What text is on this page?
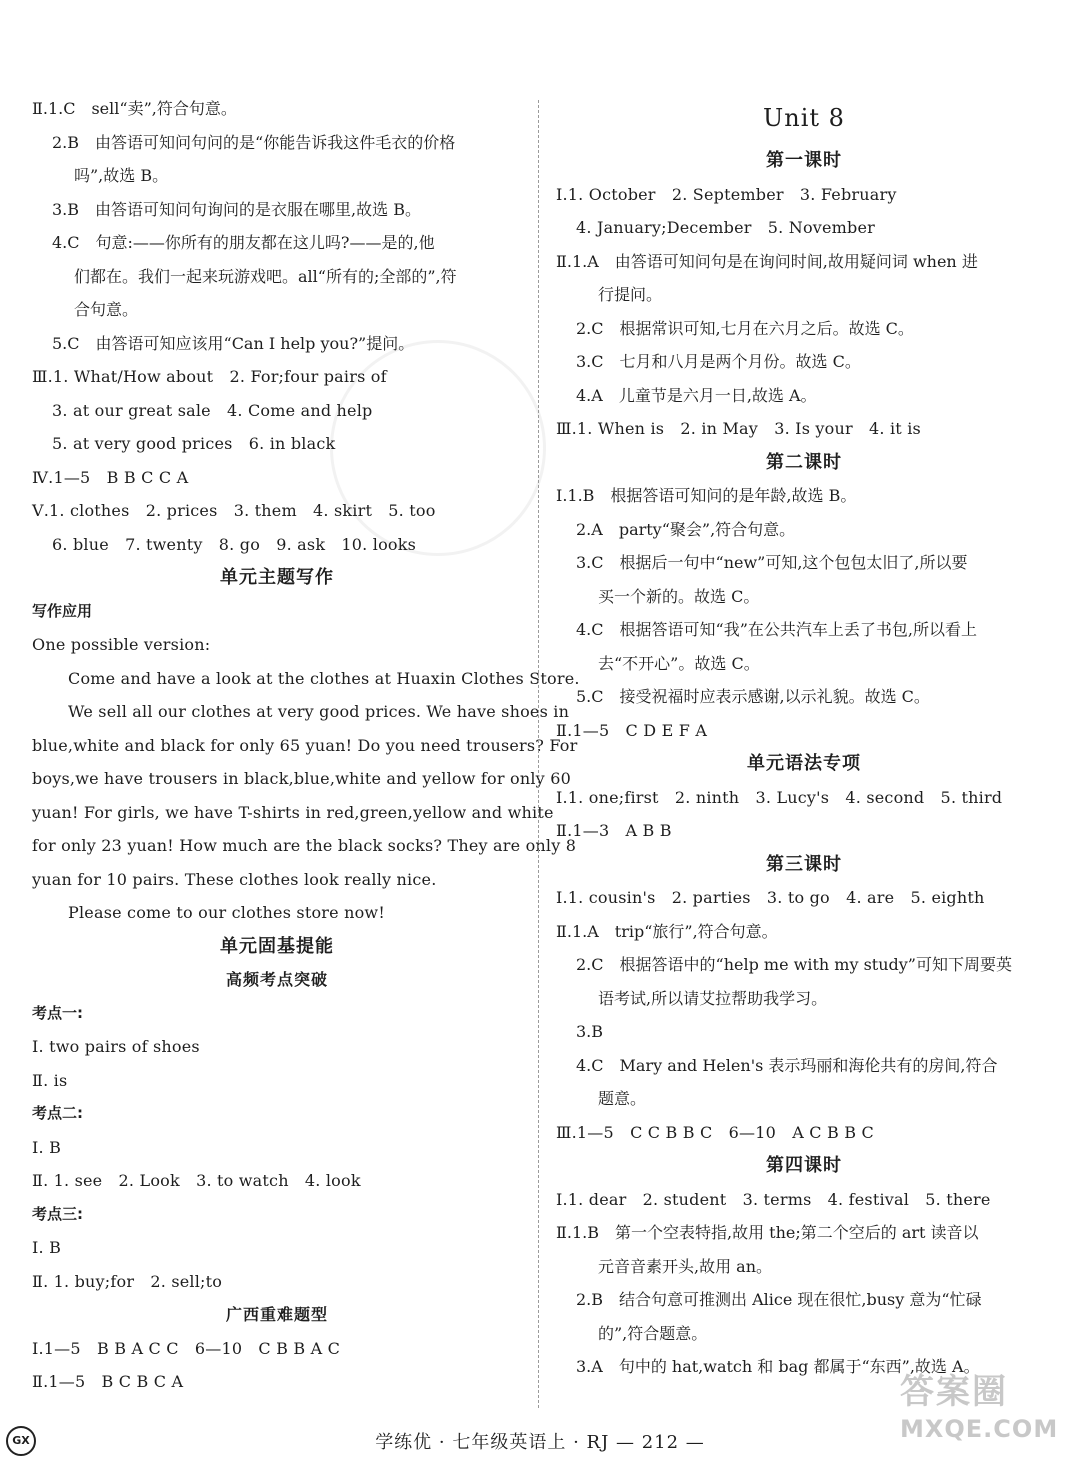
Ⅱ.1.C　sell“卖”,符合句意。
2.B　由答语可知问句问的是“你能告诉我这件毛衣的价格
吗”,故选 B。
3.B　由答语可知问句询问的是衣服在哪里,故选 B。
4.C　句意:——你所有的朋友都在这儿吗?——是的,他
们都在。我们一起来玩游戏吧。all“所有的;全部的”,符
合句意。
5.C　由答语可知应该用“Can I help you?”提问。
Ⅲ.1. What/How about　2. For;four pairs of
3. at our great sale　4. Come and help
5. at very good prices　6. in black
Ⅳ.1—5　B B C C A
Ⅴ.1. clothes　2. prices　3. them　4. skirt　5. too
6. blue　7. twenty　8. go　9. ask　10. looks
单元主题写作
写作应用
One possible version:
Come and have a look at the clothes at Huaxin Clothes Store.
We sell all our clothes at very good prices. We have shoes in
blue,white and black for only 65 yuan! Do you need trousers? For
boys,we have trousers in black,blue,white and yellow for only 60
yuan! For girls, we have T-shirts in red,green,yellow and white
for only 23 yuan! How much are the black socks? They are only 8
yuan for 10 pairs. These clothes look really nice.
Please come to our clothes store now!
单元固基提能
高频考点突破
考点一:
Ⅰ. two pairs of shoes
Ⅱ. is
考点二:
Ⅰ. B
Ⅱ. 1. see　2. Look　3. to watch　4. look
考点三:
Ⅰ. B
Ⅱ. 1. buy;for　2. sell;to
广西重难题型
Ⅰ.1—5　B B A C C　6—10　C B B A C
Ⅱ.1—5　B C B C A
Unit 8
第一课时
Ⅰ.1. October　2. September　3. February
4. January;December　5. November
Ⅱ.1.A　由答语可知问句是在询问时间,故用疑问词 when 进
行提问。
2.C　根据常识可知,七月在六月之后。故选 C。
3.C　七月和八月是两个月份。故选 C。
4.A　儿童节是六月一日,故选 A。
Ⅲ.1. When is　2. in May　3. Is your　4. it is
第二课时
Ⅰ.1.B　根据答语可知问的是年龄,故选 B。
2.A　party“聚会”,符合句意。
3.C　根据后一句中“new”可知,这个包包太旧了,所以要
买一个新的。故选 C。
4.C　根据答语可知“我”在公共汽车上丢了书包,所以看上
去“不开心”。故选 C。
5.C　接受祝福时应表示感谢,以示礼貌。故选 C。
Ⅱ.1—5　C D E F A
单元语法专项
Ⅰ.1. one;first　2. ninth　3. Lucy's　4. second　5. third
Ⅱ.1—3　A B B
第三课时
Ⅰ.1. cousin's　2. parties　3. to go　4. are　5. eighth
Ⅱ.1.A　trip“旅行”,符合句意。
2.C　根据答语中的“help me with my study”可知下周要英
语考试,所以请艾拉帮助我学习。
3.B
4.C　Mary and Helen's 表示玛丽和海伦共有的房间,符合
题意。
Ⅲ.1—5　C C B B C　6—10　A C B B C
第四课时
Ⅰ.1. dear　2. student　3. terms　4. festival　5. there
Ⅱ.1.B　第一个空表特指,故用 the;第二个空后的 art 读音以
元音音素开头,故用 an。
2.B　结合句意可推测出 Alice 现在很忙,busy 意为“忙碌
的”,符合题意。
3.A　句中的 hat,watch 和 bag 都属于“东西”,故选 A。
GX	学练优 · 七年级英语上 · RJ — 212 —
答案圈
MXQE.COM
